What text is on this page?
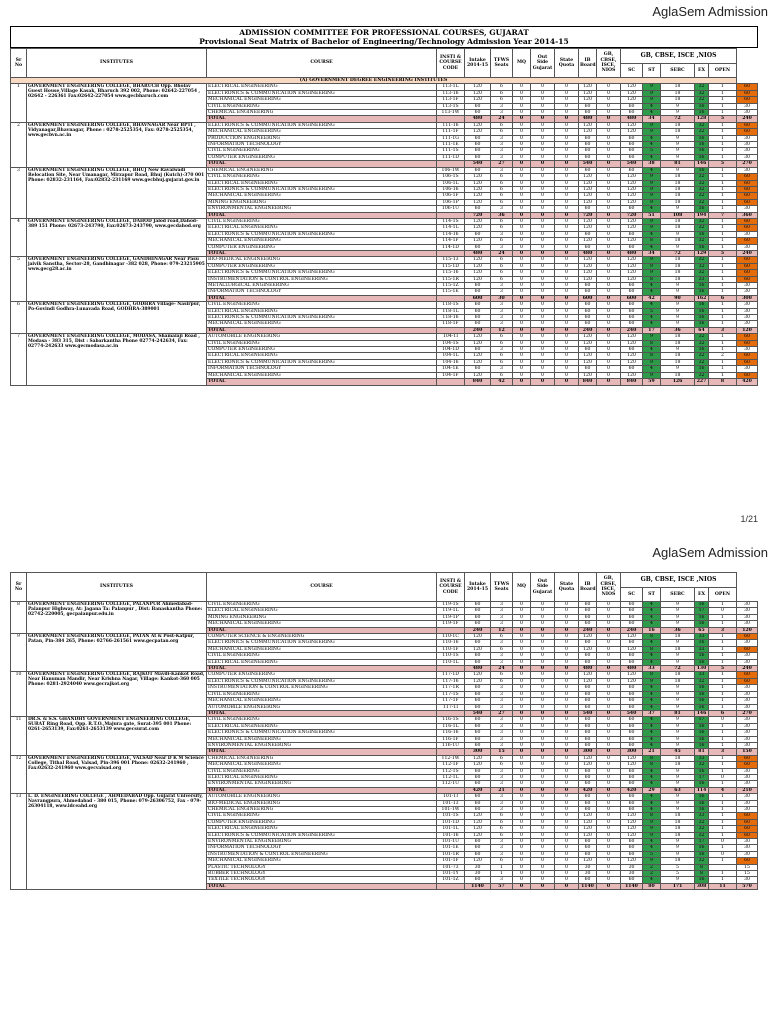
AglaSem Admission
ADMISSION COMMITTEE FOR PROFESSIONAL COURSES, GUJARAT
Provisional Seat Matrix of Bachelor of Engineering/Technology Admission Year 2014-15
Sr No	INSTITUTES	COURSE	INSTI & COURSE CODE	Intake 2014-15	TFWS Seats	MQ	Out Side Gujarat	State Quota	IB Board	GB, CBSE, ISCE, NIOS	GB, CBSE, ISCE ,NIOS					
											SC	ST	SEBC	EX	OPEN	
(A) GOVERNMENT DEGREE ENGINEERING INSTITUTES																
1	GOVERNMENT ENGINEERING COLLEGE, BHARUCH Opp. Bholav Guest House,Village Kasak, Bharuch 392 002, Phone: 02642-227054 , 02642 - 226361 Fax:02642-227054 www.gecbharuch.com	ELECTRICAL ENGINEERING	113-1L	120	6	0	0	0	120	0	120	9	18	32	1	60
		ELECTRONICS & COMMUNICATION ENGINEERING	113-16	120	6	0	0	0	120	0	120	9	18	32	1	60
		MECHANICAL ENGINEERING	113-1F	120	6	0	0	0	120	0	120	9	18	32	1	60
		CIVIL ENGINEERING	113-1S	60	3	0	0	0	60	0	60	4	9	16	1	30
		CHEMICAL ENGINEERING	113-1W	60	3	0	0	0	60	0	60	4	9	16	1	30
		TOTAL		480	24	0	0	0	480	0	480	34	72	128	5	240
2	GOVERNMENT ENGINEERING COLLEGE, BHAVNAGAR Near BPTI , Vidyanagar,Bhavnagar, Phone : 0278-2525354, Fax: 0278-2525354, www.gecbvn.ac.in	ELECTRONICS & COMMUNICATION ENGINEERING	111-16	120	6	0	0	0	120	0	120	9	18	32	1	60
		MECHANICAL ENGINEERING	111-1F	120	6	0	0	0	120	0	120	9	18	32	1	60
		PRODUCTION ENGINEERING	111-1G	60	3	0	0	0	60	0	60	4	9	16	1	30
		INFORMATION TECHNOLOGY	111-1E	60	3	0	0	0	60	0	60	4	9	16	1	30
		CIVIL ENGINEERING	111-1S	60	3	0	0	0	60	0	60	5	9	16	1	30
		COMPUTER ENGINEERING	111-1D	60	3	0	0	0	60	0	60	4	9	16	1	30
		TOTAL		540	27	0	0	0	540	0	540	38	81	146	5	270
3	GOVERNMENT ENGINEERING COLLEGE, BHUJ New Ravalwadi Relocation Site, Near Umanagar, Mirzapur Road, Bhuj (Kutch)-370 001 Phone: 02832-231164, Fax:02832-231169 www.gecbhuj.gujarat.gov.in	CHEMICAL ENGINEERING	106-1W	60	3	0	0	0	60	0	60	4	9	16	1	30
		CIVIL ENGINEERING	106-1S	120	6	0	0	0	120	0	120	9	18	32	1	60
		ELECTRICAL ENGINEERING	106-1L	120	6	0	0	0	120	0	120	9	18	32	1	60
		ELECTRONICS & COMMUNICATION ENGINEERING	106-16	120	6	0	0	0	120	0	120	9	18	32	1	60
		MECHANICAL ENGINEERING	106-1F	120	6	0	0	0	120	0	120	9	18	32	1	60
		MINING ENGINEERING	106-1P	120	6	0	0	0	120	0	120	9	18	32	1	60
		ENVIRONMENTAL ENGINEERING	106-1U	60	3	0	0	0	60	0	60	4	9	16	1	30
		TOTAL		720	36	0	0	0	720	0	720	51	108	194	7	360
4	GOVERNMENT ENGINEERING COLLEGE, DAHOD Jalod road,Dahod-389 151 Phone: 02673-243790, Fax:02673-243790, www.gecdahod.org	CIVIL ENGINEERING	114-1S	120	6	0	0	0	120	0	120	9	18	32	1	60
		ELECTRICAL ENGINEERING	114-1L	120	6	0	0	0	120	0	120	9	18	32	1	60
		ELECTRONICS & COMMUNICATION ENGINEERING	114-16	60	3	0	0	0	60	0	60	4	9	16	1	30
		MECHANICAL ENGINEERING	114-1F	120	6	0	0	0	120	0	120	8	18	32	1	60
		COMPUTER ENGINEERING	114-1D	60	3	0	0	0	60	0	60	4	9	16	1	30
		TOTAL		480	24	0	0	0	480	0	480	34	72	129	5	240
5	GOVERNMENT ENGINEERING COLLEGE, GANDHINAGAR Near Pasu jaivik Sanstha, Sector-28, Gandhinagar -382 028, Phone: 079-23215905 www.gecg28.ac.in	BIO-MEDICAL ENGINEERING	115-13	120	6	0	0	0	120	0	120	9	18	32	1	60
		COMPUTER ENGINEERING	115-1D	120	6	0	0	0	120	0	120	9	18	32	1	60
		ELECTRONICS & COMMUNICATION ENGINEERING	115-16	120	6	0	0	0	120	0	120	9	18	32	1	60
		INSTRUMENTATION & CONTROL ENGINEERING	115-1R	120	6	0	0	0	120	0	120	8	18	33	1	60
		METALLURGICAL ENGINEERING	115-1Z	60	3	0	0	0	60	0	60	4	9	16	1	30
		INFORMATION TECHNOLOGY	115-1E	60	3	0	0	0	60	0	60	4	9	16	1	30
		TOTAL		600	30	0	0	0	600	0	600	42	90	162	6	300
6	GOVERNMENT ENGINEERING COLLEGE, GODHRA Village- Nasirpur, Po-Govindi Godhra-Lunavada Road, GODHRA-389001	CIVIL ENGINEERING	118-1S	60	3	0	0	0	60	0	60	4	9	16	1	30
		ELECTRICAL ENGINEERING	118-1L	60	3	0	0	0	60	0	60	5	9	16	1	30
		ELECTRONICS & COMMUNICATION ENGINEERING	118-16	60	3	0	0	0	60	0	60	4	9	16	1	30
		MECHANICAL ENGINEERING	118-1F	60	3	0	0	0	60	0	60	4	9	16	1	30
		TOTAL		240	12	0	0	0	240	0	240	17	36	64	3	120
7	GOVERNMENT ENGINEERING COLLEGE, MODASA, Shamalaji Road , Modasa - 383 315, Dist : Sabarkantha Phone 02774-242634, Fax: 02774-242633 www.gecmodasa.ac.in	AUTOMOBILE ENGINEERING	104-1I	120	6	0	0	0	120	0	120	9	18	32	1	60
		CIVIL ENGINEERING	104-1S	120	6	0	0	0	120	0	120	8	18	32	1	60
		COMPUTER ENGINEERING	104-1D	60	3	0	0	0	60	0	60	4	9	16	1	30
		ELECTRICAL ENGINEERING	104-1L	120	6	0	0	0	120	0	120	8	18	32	2	60
		ELECTRONICS & COMMUNICATION ENGINEERING	104-16	120	6	0	0	0	120	0	120	9	18	32	1	60
		INFORMATION TECHNOLOGY	104-1E	60	3	0	0	0	60	0	60	4	9	16	1	30
		MECHANICAL ENGINEERING	104-1F	120	6	0	0	0	120	0	120	9	18	32	1	60
		TOTAL		840	42	0	0	0	840	0	840	59	126	227	8	420
1/21
AglaSem Admission
Sr No	INSTITUTES	COURSE	INSTI & COURSE CODE	Intake 2014-15	TFWS Seats	MQ	Out Side Gujarat	State Quota	IB Board	GB, CBSE, ISCE, NIOS	GB, CBSE, ISCE ,NIOS					
											SC	ST	SEBC	EX	OPEN	
8	GOVERNMENT ENGINEERING COLLEGE, PALANPUR Ahmedabad-Palanpur Highway, At: Jagana Ta: Palanpur , Dist: Banaskantha Phone: 02742-220005, gecpalanpur.edu.in	CIVIL ENGINEERING	119-1S	60	3	0	0	0	60	0	60	4	9	16	1	30
		ELECTRICAL ENGINEERING	119-1L	60	3	0	0	0	60	0	60	4	9	17	0	30
		MINING ENGINEERING	119-1P	60	3	0	0	0	60	0	60	4	9	16	1	30
		MECHANICAL ENGINEERING	119-1F	60	3	0	0	0	60	0	60	4	9	16	1	30
		TOTAL		240	12	0	0	0	240	0	240	16	36	65	3	120
9	GOVERNMENT ENGINEERING COLLEGE, PATAN At & Post-Katpur, Patan, Pin-384 265, Phone: 02766-261561 www.gecpatan.org	COMPUTER SCIENCE & ENGINEERING	110-1C	120	6	0	0	0	120	0	120	8	18	33	1	60
		ELECTRONICS & COMMUNICATION ENGINEERING	110-16	60	3	0	0	0	60	0	60	4	9	16	1	30
		MECHANICAL ENGINEERING	110-1F	120	6	0	0	0	120	0	120	8	18	33	1	60
		CIVIL ENGINEERING	110-1S	60	3	0	0	0	60	0	60	4	9	16	1	30
		ELECTRICAL ENGINEERING	110-1L	60	3	0	0	0	60	0	60	4	9	16	1	30
		TOTAL		480	24	0	0	0	480	0	480	33	72	130	5	240
10	GOVERNMENT ENGINEERING COLLEGE, RAJKOT Mavdi-Kankot Road, Near Hanuman Mandir, Near Krishna Nagar, Village: Kankot-360 005 Phone: 0281-2924040 www.gecrajkot.org	COMPUTER ENGINEERING	117-1D	120	6	0	0	0	120	0	120	8	18	33	1	60
		ELECTRONICS & COMMUNICATION ENGINEERING	117-16	120	6	0	0	0	120	0	120	9	18	32	1	60
		INSTRUMENTATION & CONTROL ENGINEERING	117-1R	60	3	0	0	0	60	0	60	4	9	16	1	30
		CIVIL ENGINEERING	117-1S	60	3	0	0	0	60	0	60	4	9	16	1	30
		MECHANICAL ENGINEERING	117-1F	60	3	0	0	0	60	0	60	4	9	16	1	30
		AUTOMOBILE ENGINEERING	117-1I	60	3	0	0	0	60	0	60	4	9	16	1	30
		TOTAL		540	27	0	0	0	540	0	540	37	81	146	6	270
11	DR.S. & S.S. GHANDHY GOVERNMENT ENGINEERING COLLEGE, SURAT Ring Road, Opp. R.T.O.,Majura gate, Surat-395 001 Phone: 0261-2653139, Fax:0261-2653139 www.gecsurat.com	CIVIL ENGINEERING	116-1S	60	3	0	0	0	60	0	60	4	9	17	0	30
		ELECTRICAL ENGINEERING	116-1L	60	3	0	0	0	60	0	60	4	9	16	1	30
		ELECTRONICS & COMMUNICATION ENGINEERING	116-16	60	3	0	0	0	60	0	60	4	9	16	1	30
		MECHANICAL ENGINEERING	116-1F	60	3	0	0	0	60	0	60	4	9	16	1	30
		ENVIRONMENTAL ENGINEERING	116-1U	60	3	0	0	0	60	0	60	4	9	16	1	30
		TOTAL		300	15	0	0	0	300	0	300	21	45	81	3	150
12	GOVERNMENT ENGINEERING COLLEGE, VALSAD Near D K M Science College, Tithal Road, Valsad, Pin-396 001 Phone: 02632-241960 , Fax:02632-241960 www.gecvalsad.org	CHEMICAL ENGINEERING	112-1W	120	6	0	0	0	120	0	120	8	18	33	1	60
		MECHANICAL ENGINEERING	112-1F	120	6	0	0	0	120	0	120	8	18	32	1	60
		CIVIL ENGINEERING	112-1S	60	3	0	0	0	60	0	60	4	9	16	1	30
		ELECTRICAL ENGINEERING	112-1L	60	3	0	0	0	60	0	60	4	9	17	0	30
		ENVIRONMENTAL ENGINEERING	112-1U	60	3	0	0	0	60	0	60	4	9	16	1	30
		TOTAL		420	21	0	0	0	420	0	420	29	63	114	4	210
13	L. D. ENGINEERING COLLEGE , AHMEDABAD Opp. Gujarat University, Navrangpura, Ahmedabad - 380 015, Phone: 079-26306752, Fax - 079-26304118, www.ldceahd.org	AUTOMOBILE ENGINEERING	101-1I	60	3	0	0	0	60	0	60	4	9	16	1	30
		BIO-MEDICAL ENGINEERING	101-13	60	3	0	0	0	60	0	60	4	9	16	1	30
		CHEMICAL ENGINEERING	101-1W	60	3	0	0	0	60	0	60	4	9	16	1	30
		CIVIL ENGINEERING	101-1S	120	6	0	0	0	120	0	120	8	18	33	1	60
		COMPUTER ENGINEERING	101-1D	120	6	0	0	0	120	0	120	9	18	32	1	60
		ELECTRICAL ENGINEERING	101-1L	120	6	0	0	0	120	0	120	9	18	32	1	60
		ELECTRONICS & COMMUNICATION ENGINEERING	101-16	120	6	0	0	0	120	0	120	9	18	32	1	60
		ENVIRONMENTAL ENGINEERING	101-1U	60	3	0	0	0	60	0	60	4	9	17	0	30
		INFORMATION TECHNOLOGY	101-1E	60	3	0	0	0	60	0	60	4	9	16	1	30
		INSTRUMENTATION & CONTROL ENGINEERING	101-1R	60	3	0	0	0	60	0	60	5	9	16	0	30
		MECHANICAL ENGINEERING	101-1F	120	6	0	0	0	120	0	120	9	18	32	1	60
		PLASTIC TECHNOLOGY	101-73	30	1	0	0	0	30	0	30	2	5	8		15
		RUBBER TECHNOLOGY	101-1Y	30	1	0	0	0	30	0	30	2	5	8	1	15
		TEXTILE TECHNOLOGY	101-1Z	60	3	0	0	0	60	0	60	4	9	16	1	30
		TOTAL		1140	57	0	0	0	1140	0	1140	80	171	308	11	570
